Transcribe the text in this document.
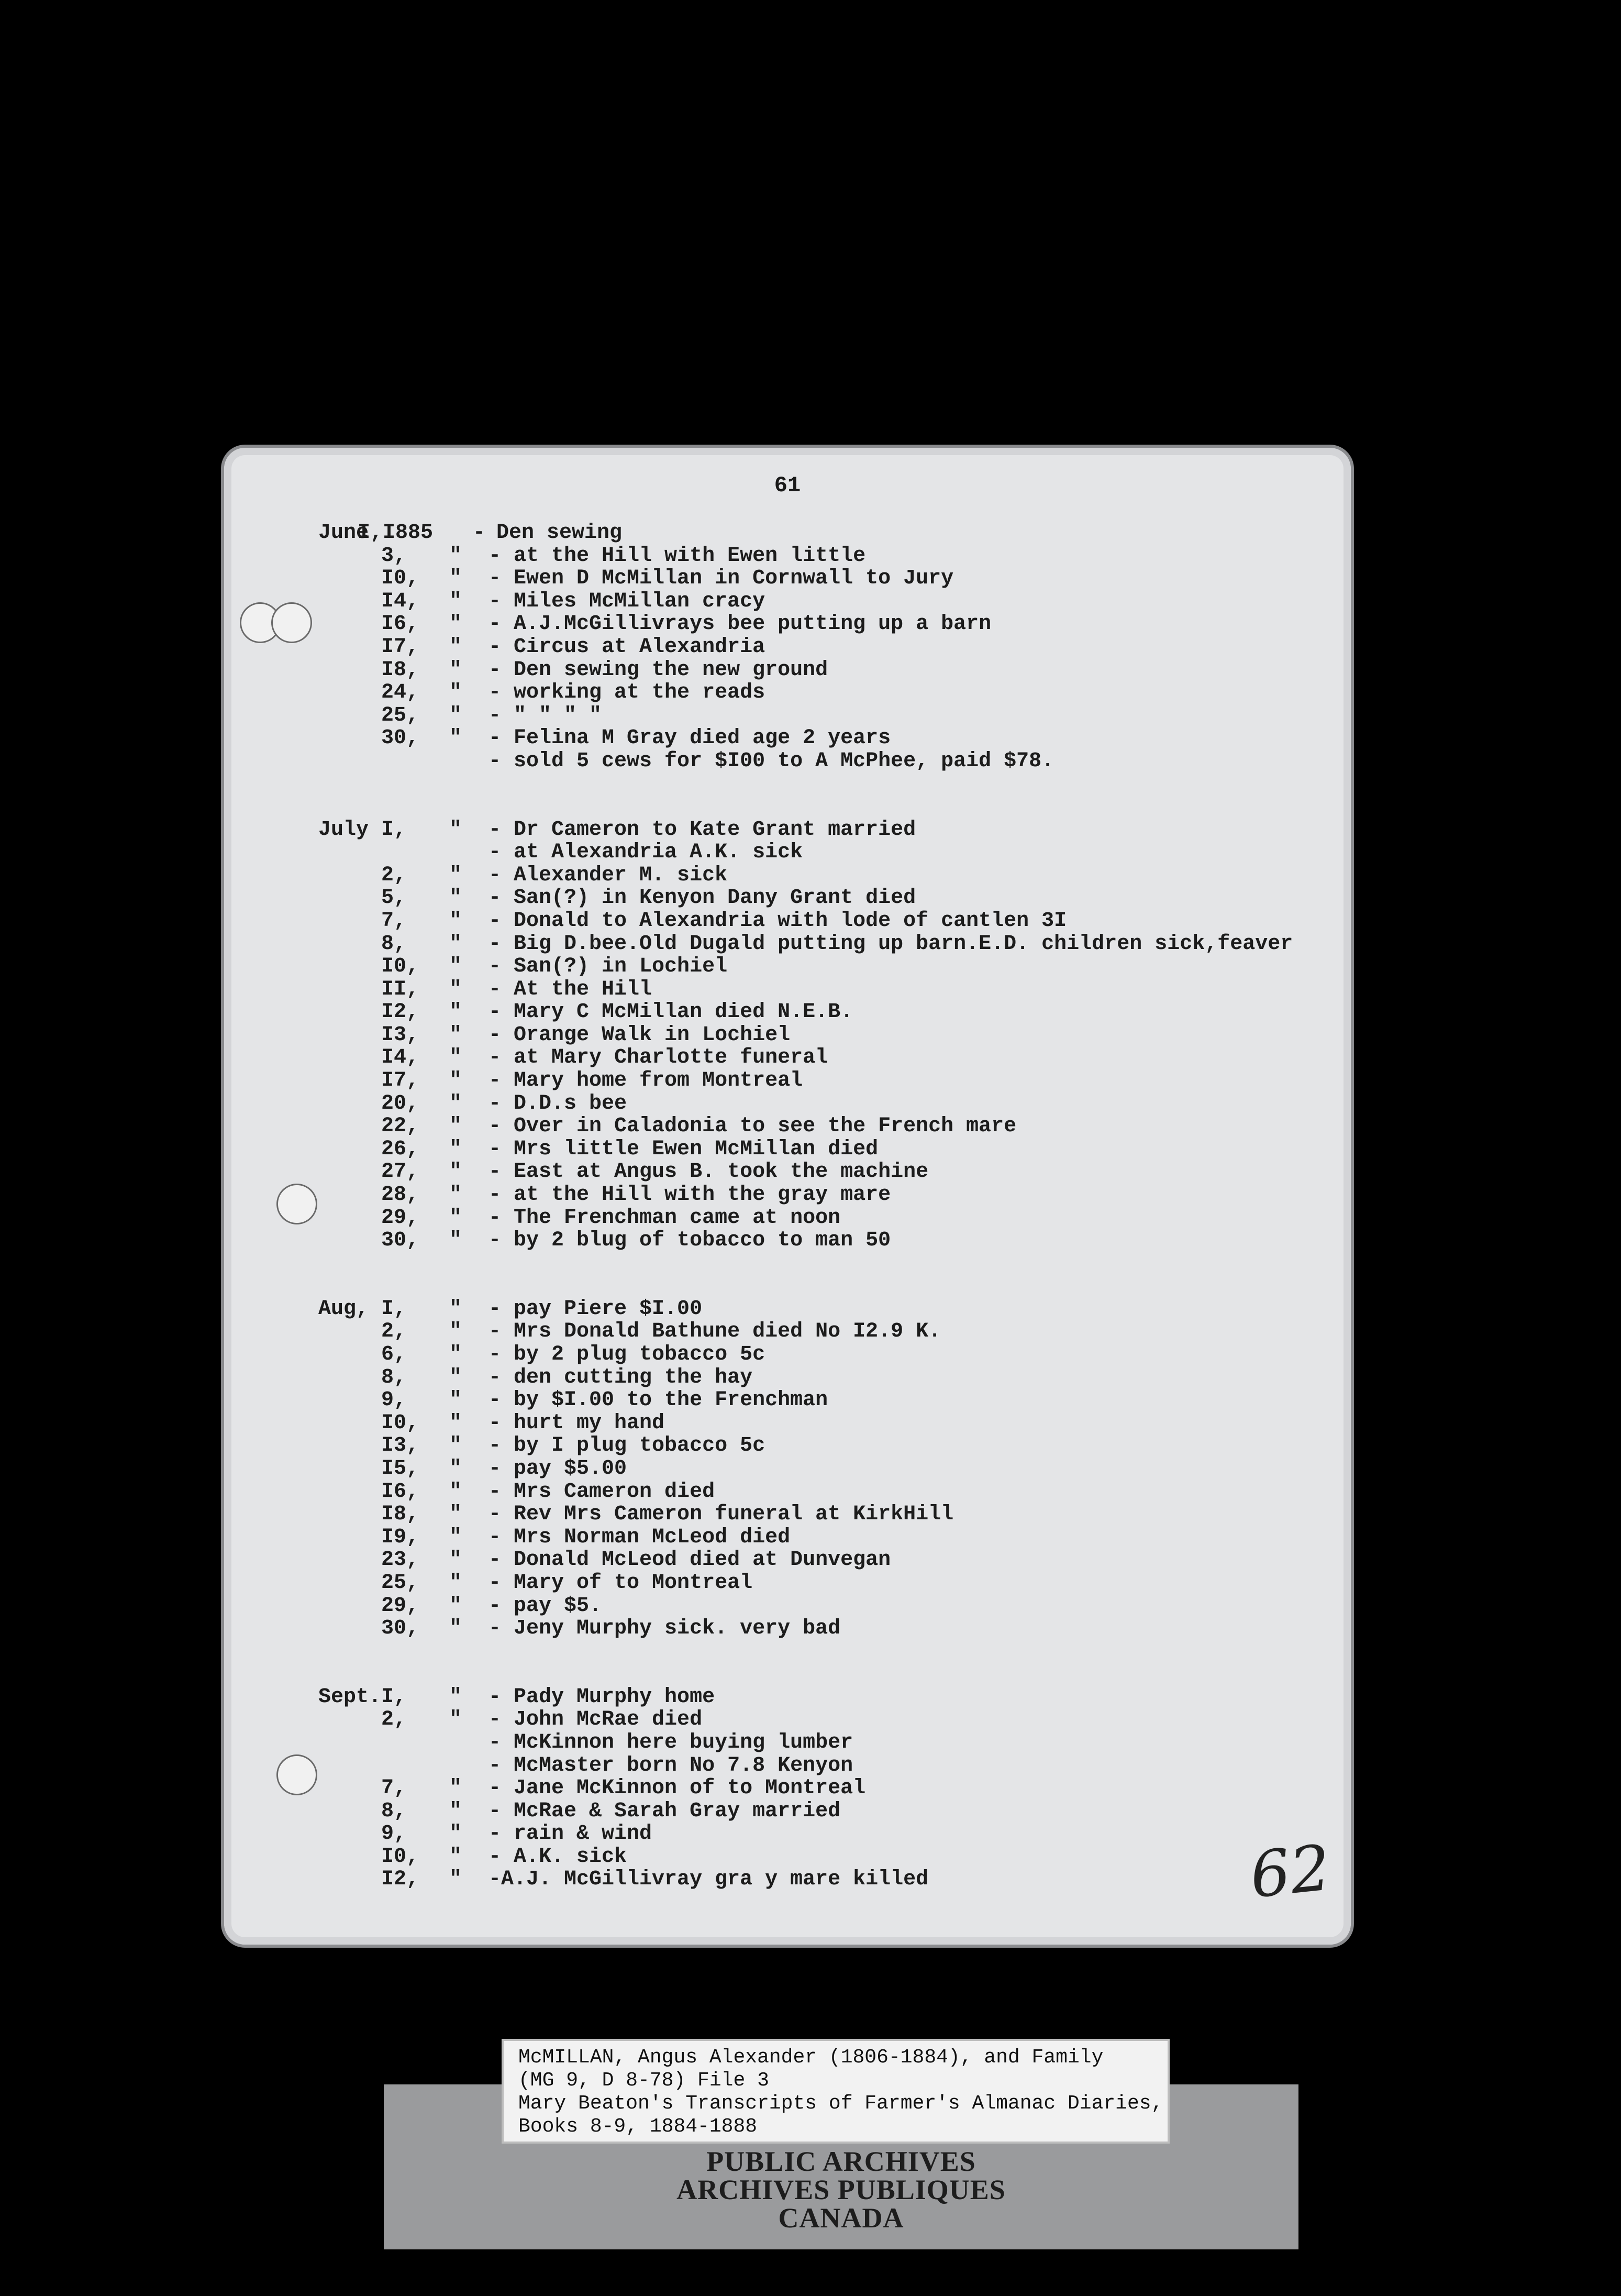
61
June
I,I885	- Den sewing
3,	"	- at the Hill with Ewen little
I0,	"	- Ewen D McMillan in Cornwall to Jury
I4,	"	- Miles McMillan cracy
I6,	"	- A.J.McGillivrays bee putting up a barn
I7,	"	- Circus at Alexandria
I8,	"	- Den sewing the new ground
24,	"	- working at the reads
25,	"	- " " " "
30,	"	- Felina M Gray died age 2 years
- sold 5 cews for $I00 to A McPhee, paid $78.
July I,	"	- Dr Cameron to Kate Grant married
- at Alexandria A.K. sick
2,	"	- Alexander M. sick
5,	"	- San(?) in Kenyon Dany Grant died
7,	"	- Donald to Alexandria with lode of cantlen 3I
8,	"	- Big D.bee.Old Dugald putting up barn.E.D. children sick,feaver
I0,	"	- San(?) in Lochiel
II,	"	- At the Hill
I2,	"	- Mary C McMillan died N.E.B.
I3,	"	- Orange Walk in Lochiel
I4,	"	- at Mary Charlotte funeral
I7,	"	- Mary home from Montreal
20,	"	- D.D.s bee
22,	"	- Over in Caladonia to see the French mare
26,	"	- Mrs little Ewen McMillan died
27,	"	- East at Angus B. took the machine
28,	"	- at the Hill with the gray mare
29,	"	- The Frenchman came at noon
30,	"	- by 2 blug of tobacco to man 50
Aug, I,	"	- pay Piere $I.00
2,	"	- Mrs Donald Bathune died No I2.9 K.
6,	"	- by 2 plug tobacco 5c
8,	"	- den cutting the hay
9,	"	- by $I.00 to the Frenchman
I0,	"	- hurt my hand
I3,	"	- by I plug tobacco 5c
I5,	"	- pay $5.00
I6,	"	- Mrs Cameron died
I8,	"	- Rev Mrs Cameron funeral at KirkHill
I9,	"	- Mrs Norman McLeod died
23,	"	- Donald McLeod died at Dunvegan
25,	"	- Mary of to Montreal
29,	"	- pay $5.
30,	"	- Jeny Murphy sick. very bad
Sept. I,	"	- Pady Murphy home
2,	"	- John McRae died
- McKinnon here buying lumber
- McMaster born No 7.8 Kenyon
7,	"	- Jane McKinnon of to Montreal
8,	"	- McRae & Sarah Gray married
9,	"	- rain & wind
I0,	"	- A.K. sick
I2,	"	-A.J. McGillivray gra y mare killed	62
PUBLIC ARCHIVES
ARCHIVES PUBLIQUES
CANADA
McMILLAN, Angus Alexander (1806-1884), and Family
(MG 9, D 8-78) File 3
Mary Beaton's Transcripts of Farmer's Almanac Diaries,
Books 8-9, 1884-1888
